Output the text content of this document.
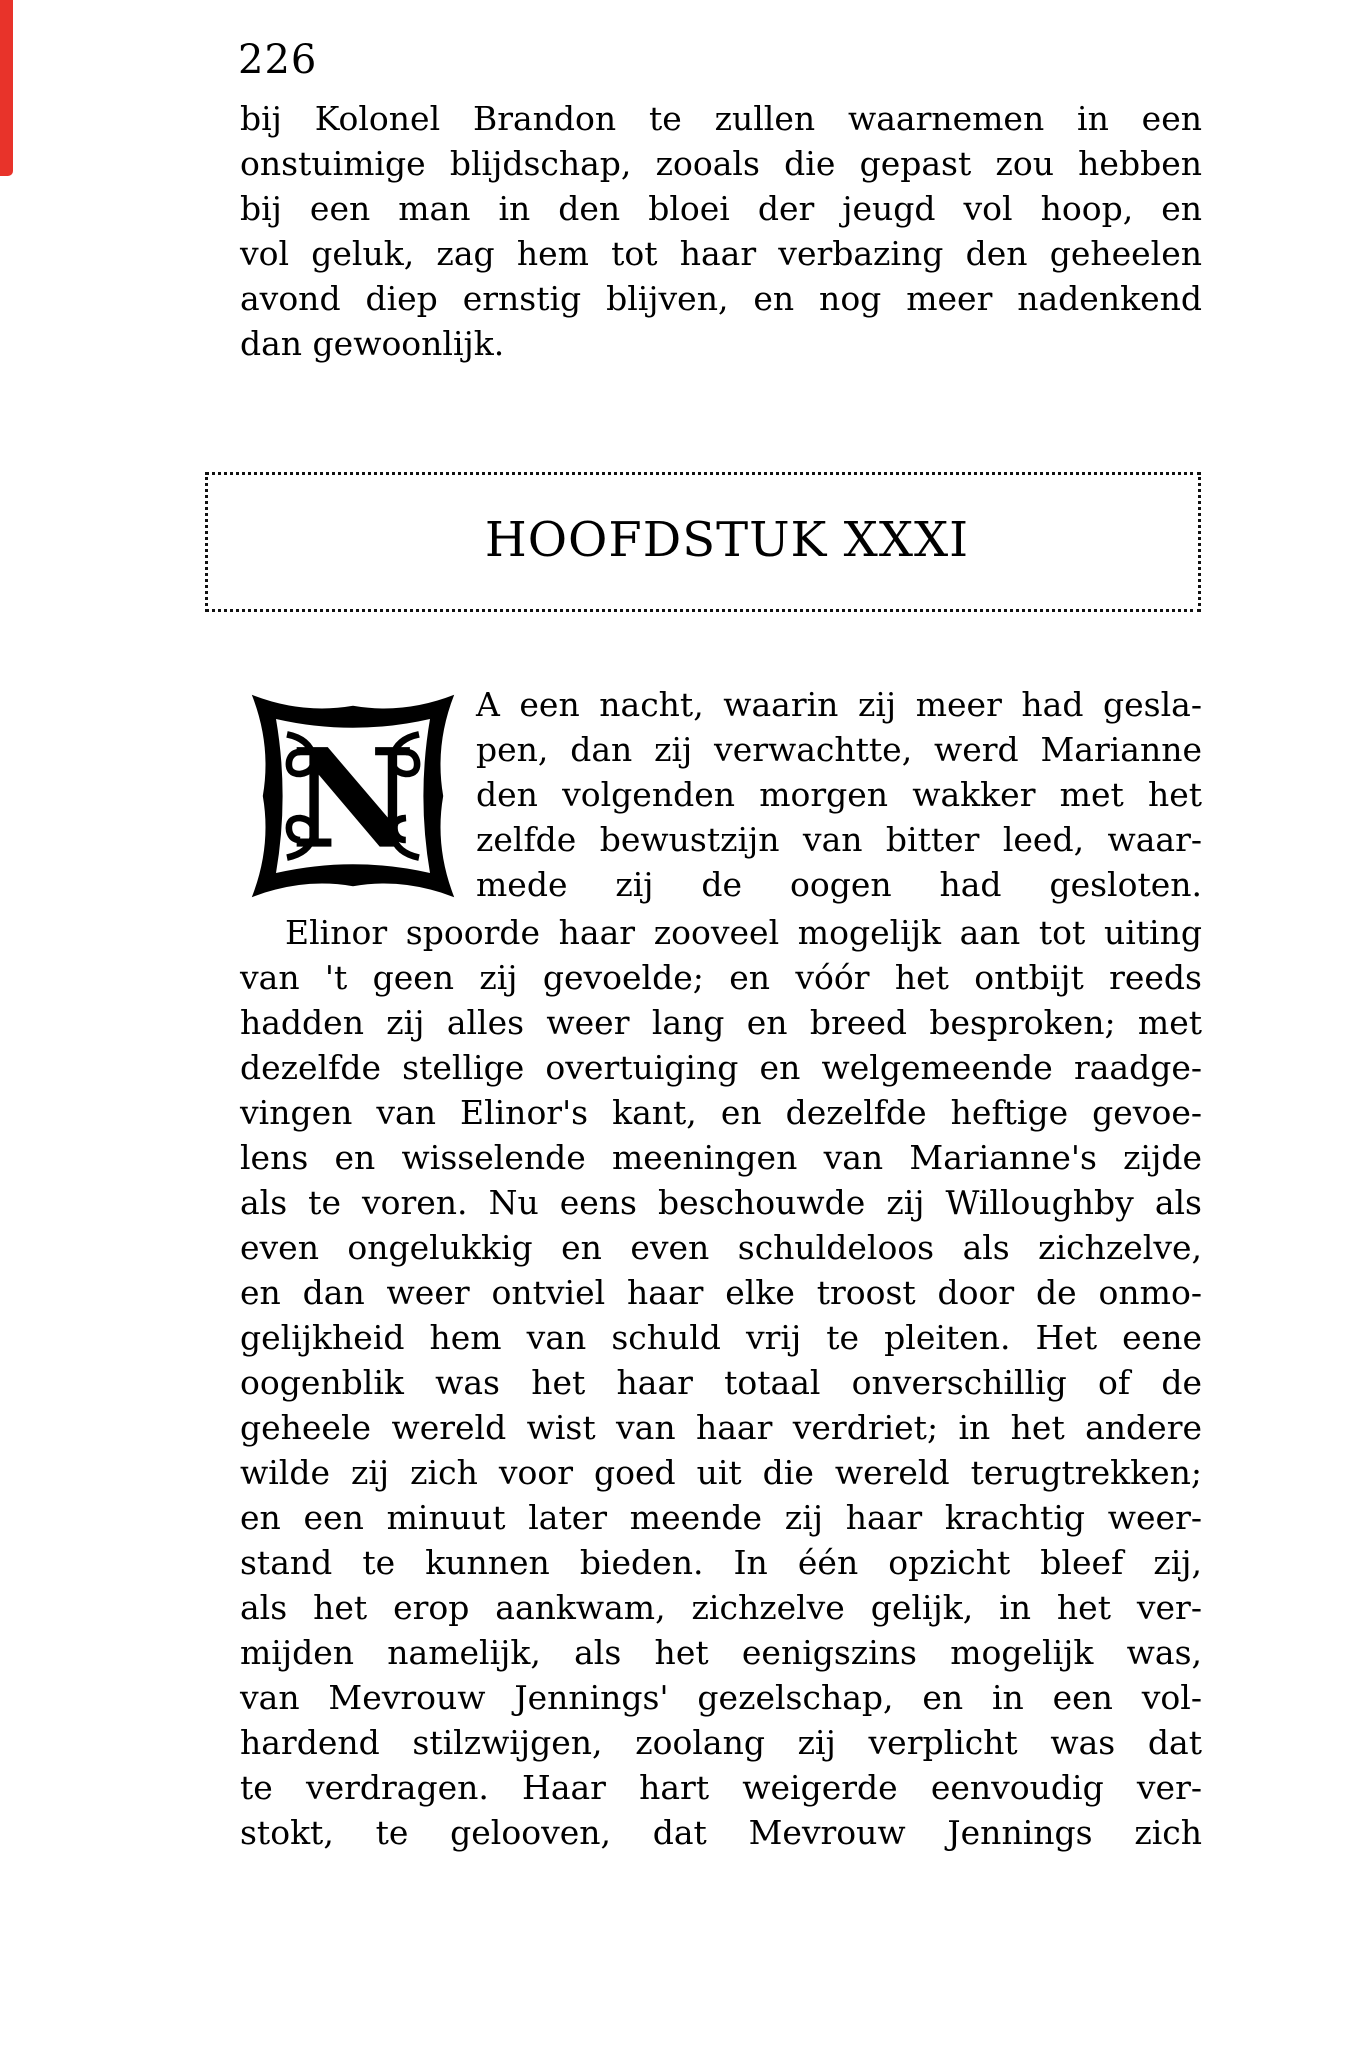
226
bij Kolonel Brandon te zullen waarnemen in een
onstuimige blijdschap, zooals die gepast zou hebben
bij een man in den bloei der jeugd vol hoop, en
vol geluk, zag hem tot haar verbazing den geheelen
avond diep ernstig blijven, en nog meer nadenkend
dan gewoonlijk.
HOOFDSTUK XXXI
N
A een nacht, waarin zij meer had gesla-
pen, dan zij verwachtte, werd Marianne
den volgenden morgen wakker met het
zelfde bewustzijn van bitter leed, waar-
mede zij de oogen had gesloten.
Elinor spoorde haar zooveel mogelijk aan tot uiting
van 't geen zij gevoelde; en vóór het ontbijt reeds
hadden zij alles weer lang en breed besproken; met
dezelfde stellige overtuiging en welgemeende raadge-
vingen van Elinor's kant, en dezelfde heftige gevoe-
lens en wisselende meeningen van Marianne's zijde
als te voren. Nu eens beschouwde zij Willoughby als
even ongelukkig en even schuldeloos als zichzelve,
en dan weer ontviel haar elke troost door de onmo-
gelijkheid hem van schuld vrij te pleiten. Het eene
oogenblik was het haar totaal onverschillig of de
geheele wereld wist van haar verdriet; in het andere
wilde zij zich voor goed uit die wereld terugtrekken;
en een minuut later meende zij haar krachtig weer-
stand te kunnen bieden. In één opzicht bleef zij,
als het erop aankwam, zichzelve gelijk, in het ver-
mijden namelijk, als het eenigszins mogelijk was,
van Mevrouw Jennings' gezelschap, en in een vol-
hardend stilzwijgen, zoolang zij verplicht was dat
te verdragen. Haar hart weigerde eenvoudig ver-
stokt, te gelooven, dat Mevrouw Jennings zich
